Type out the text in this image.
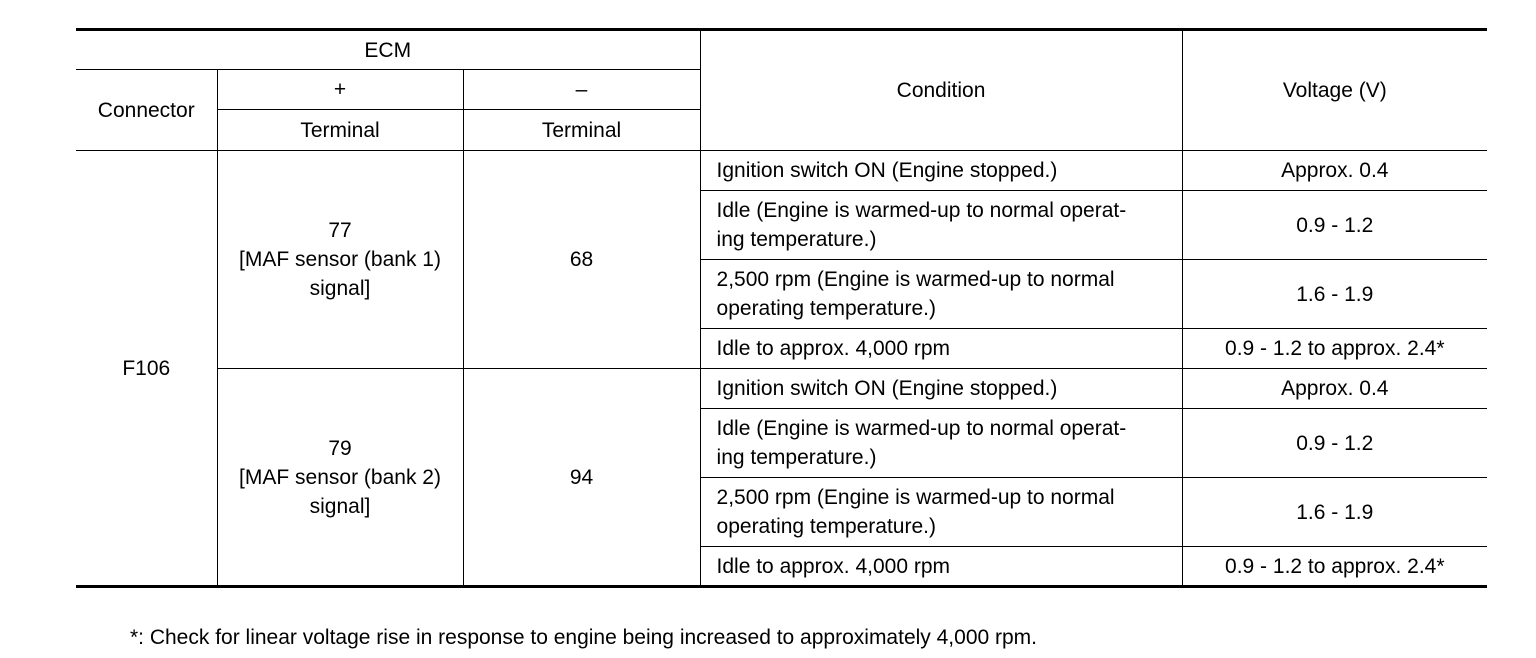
ECM			Condition	Voltage (V)
Connector	+	–		
	Terminal	Terminal		
F106	77
[MAF sensor (bank 1)
signal]	68	Ignition switch ON (Engine stopped.)	Approx. 0.4

			Idle (Engine is warmed-up to normal operat-
ing temperature.)	0.9 - 1.2

			2,500 rpm (Engine is warmed-up to normal
operating temperature.)	1.6 - 1.9

			Idle to approx. 4,000 rpm	0.9 - 1.2 to approx. 2.4*

	79
[MAF sensor (bank 2)
signal]	94	Ignition switch ON (Engine stopped.)	Approx. 0.4

			Idle (Engine is warmed-up to normal operat-
ing temperature.)	0.9 - 1.2

			2,500 rpm (Engine is warmed-up to normal
operating temperature.)	1.6 - 1.9

			Idle to approx. 4,000 rpm	0.9 - 1.2 to approx. 2.4*
*: Check for linear voltage rise in response to engine being increased to approximately 4,000 rpm.
